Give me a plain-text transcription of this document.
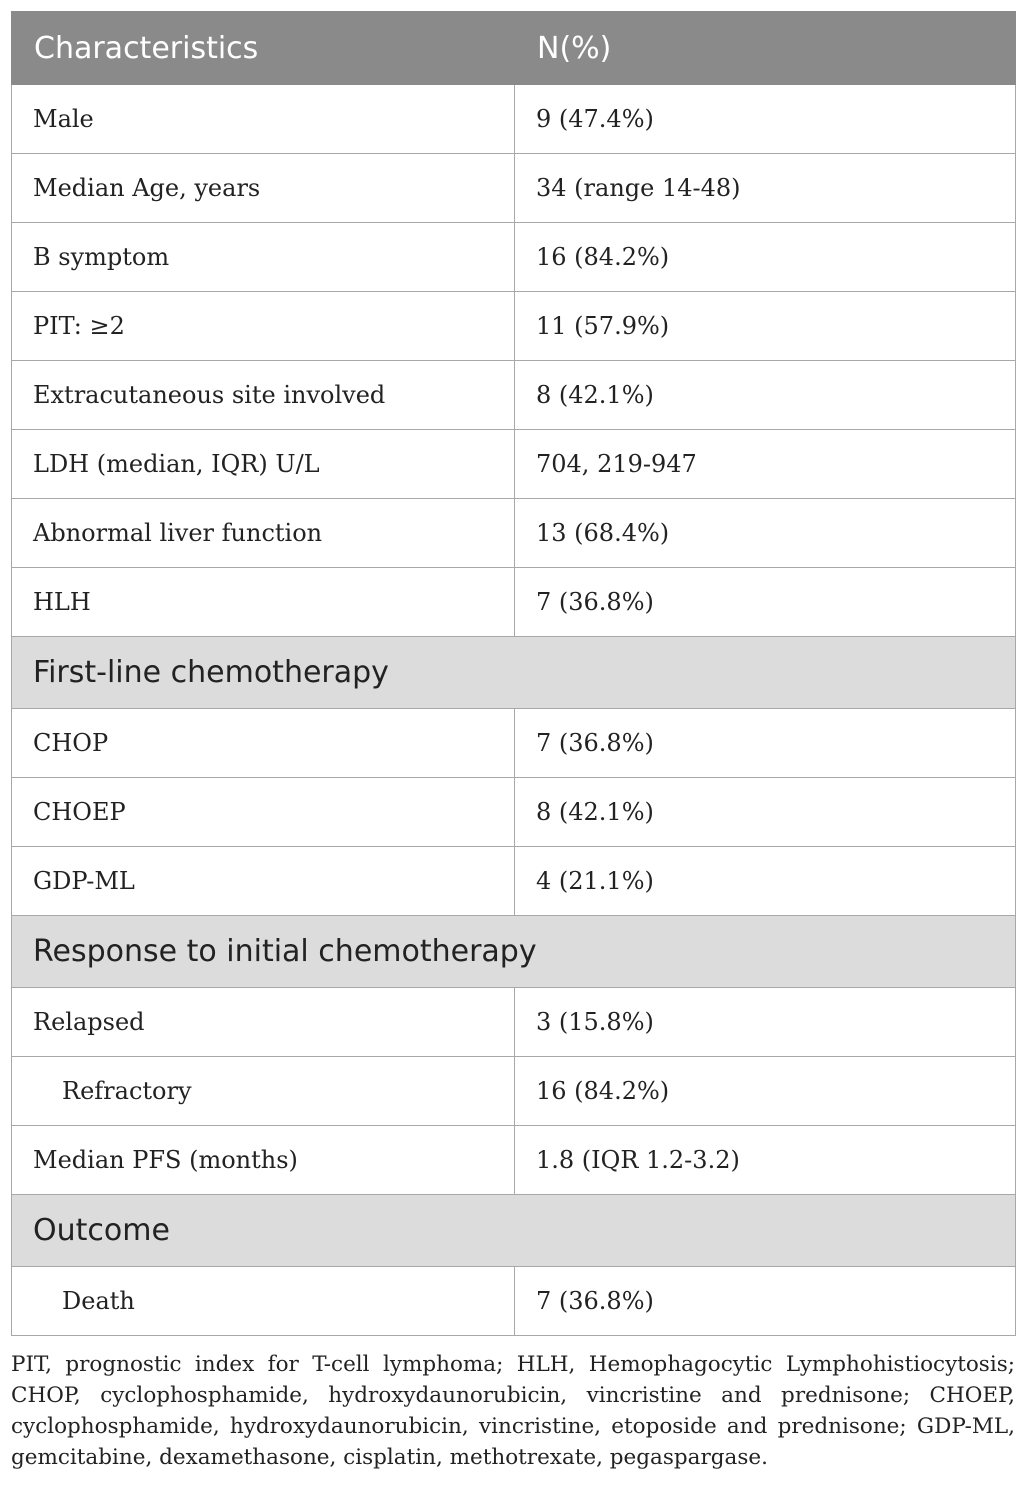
Characteristics	N(%)
Male	9 (47.4%)
Median Age, years	34 (range 14-48)
B symptom	16 (84.2%)
PIT: ≥2	11 (57.9%)
Extracutaneous site involved	8 (42.1%)
LDH (median, IQR) U/L	704, 219-947
Abnormal liver function	13 (68.4%)
HLH	7 (36.8%)
First-line chemotherapy	
CHOP	7 (36.8%)
CHOEP	8 (42.1%)
GDP-ML	4 (21.1%)
Response to initial chemotherapy	
Relapsed	3 (15.8%)
Refractory	16 (84.2%)
Median PFS (months)	1.8 (IQR 1.2-3.2)
Outcome	
Death	7 (36.8%)
PIT, prognostic index for T-cell lymphoma; HLH, Hemophagocytic Lymphohistiocytosis; CHOP, cyclophosphamide, hydroxydaunorubicin, vincristine and prednisone; CHOEP, cyclophosphamide, hydroxydaunorubicin, vincristine, etoposide and prednisone; GDP-ML, gemcitabine, dexamethasone, cisplatin, methotrexate, pegaspargase.
